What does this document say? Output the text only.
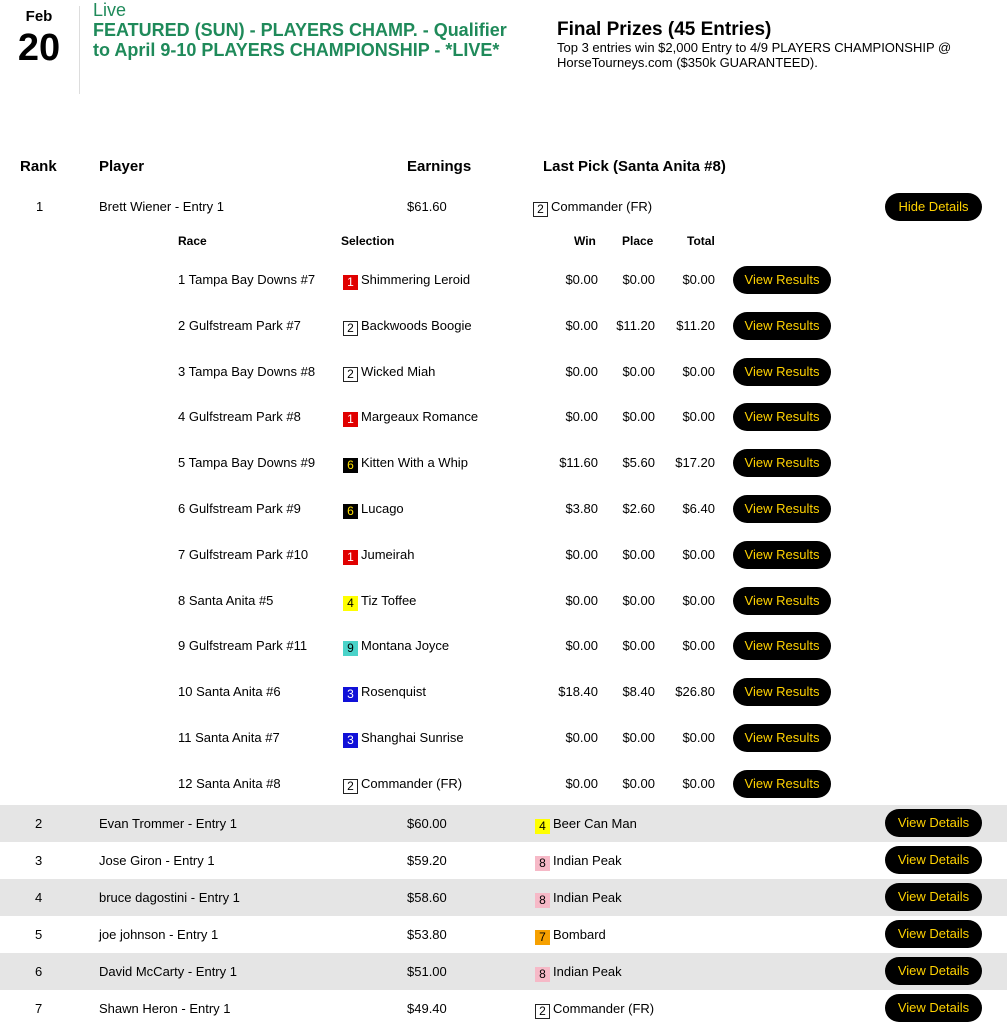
Feb
20
Live
FEATURED (SUN) - PLAYERS CHAMP. - Qualifier to April 9-10 PLAYERS CHAMPIONSHIP - *LIVE*
Final Prizes (45 Entries)
Top 3 entries win $2,000 Entry to 4/9 PLAYERS CHAMPIONSHIP @ HorseTourneys.com ($350k GUARANTEED).
Rank	Player	Earnings	Last Pick (Santa Anita #8)
1	Brett Wiener - Entry 1	$61.60	2 Commander (FR)	Hide Details
Race	Selection	Win Place	Total
1 Tampa Bay Downs #7	1 Shimmering Leroid	$0.00 $0.00 $0.00	View Results
2 Gulfstream Park #7	2 Backwoods Boogie	$0.00 $11.20 $11.20	View Results
3 Tampa Bay Downs #8	2 Wicked Miah	$0.00 $0.00 $0.00	View Results
4 Gulfstream Park #8	1 Margeaux Romance	$0.00 $0.00 $0.00	View Results
5 Tampa Bay Downs #9	6 Kitten With a Whip	$11.60 $5.60 $17.20	View Results
6 Gulfstream Park #9	6 Lucago	$3.80 $2.60 $6.40	View Results
7 Gulfstream Park #10	1 Jumeirah	$0.00 $0.00 $0.00	View Results
8 Santa Anita #5	4 Tiz Toffee	$0.00 $0.00 $0.00	View Results
9 Gulfstream Park #11	9 Montana Joyce	$0.00 $0.00 $0.00	View Results
10 Santa Anita #6	3 Rosenquist	$18.40 $8.40 $26.80	View Results
11 Santa Anita #7	3 Shanghai Sunrise	$0.00 $0.00 $0.00	View Results
12 Santa Anita #8	2 Commander (FR)	$0.00 $0.00 $0.00	View Results
2	Evan Trommer - Entry 1	$60.00	4 Beer Can Man	View Details
3	Jose Giron - Entry 1	$59.20	8 Indian Peak	View Details
4	bruce dagostini - Entry 1	$58.60	8 Indian Peak	View Details
5	joe johnson - Entry 1	$53.80	7 Bombard	View Details
6	David McCarty - Entry 1	$51.00	8 Indian Peak	View Details
7	Shawn Heron - Entry 1	$49.40	2 Commander (FR)	View Details
